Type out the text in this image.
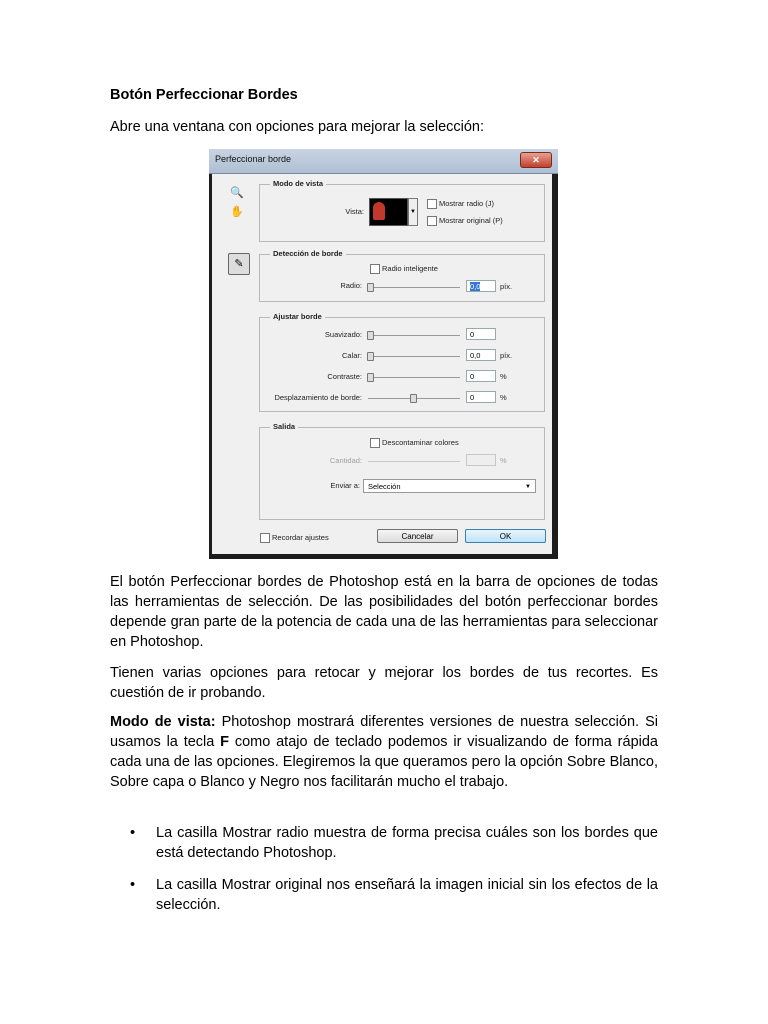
Botón Perfeccionar Bordes
Abre una ventana con opciones para mejorar la selección:
Perfeccionar borde	✕
🔍
✋
✎
Modo de vista
Vista:	▼
Mostrar radio (J)
Mostrar original (P)
Detección de borde
Radio inteligente
Radio:	0,0	píx.
Ajustar borde
Suavizado:	0
Calar:	0,0	píx.
Contraste:	0	%
Desplazamiento de borde:	0	%
Salida
Descontaminar colores
Cantidad:	%
Enviar a:	Selección	▼
Recordar ajustes	Cancelar	OK
El botón Perfeccionar bordes de Photoshop está en la barra de opciones de todas las herramientas de selección. De las posibilidades del botón perfeccionar bordes depende gran parte de la potencia de cada una de las herramientas para seleccionar en Photoshop.
Tienen varias opciones para retocar y mejorar los bordes de tus recortes. Es cuestión de ir probando.
Modo de vista: Photoshop mostrará diferentes versiones de nuestra selección. Si usamos la tecla F como atajo de teclado podemos ir visualizando de forma rápida cada una de las opciones. Elegiremos la que queramos pero la opción Sobre Blanco, Sobre capa o Blanco y Negro nos facilitarán mucho el trabajo.
• La casilla Mostrar radio muestra de forma precisa cuáles son los bordes que está detectando Photoshop.
• La casilla Mostrar original nos enseñará la imagen inicial sin los efectos de la selección.
